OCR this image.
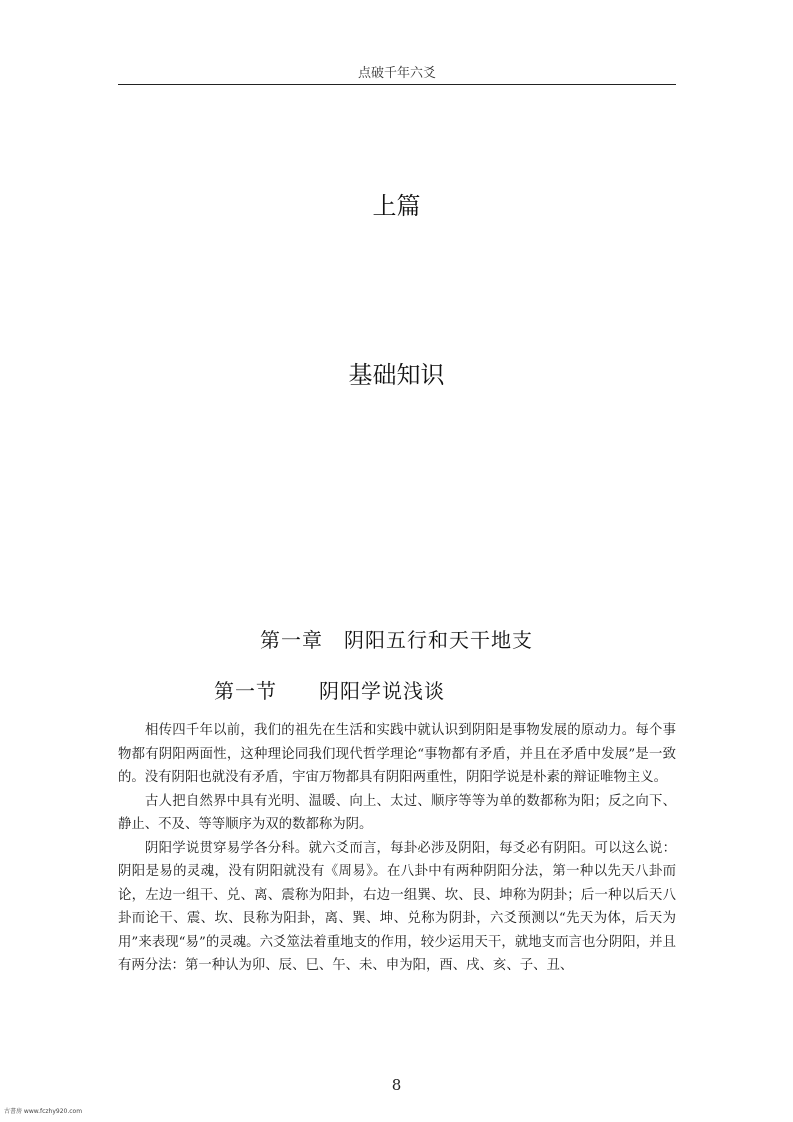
点破千年六爻
上篇
基础知识
第一章　阴阳五行和天干地支
第一节　　阴阳学说浅谈

相传四千年以前，我们的祖先在生活和实践中就认识到阴阳是事物发展的原动力。每个事物都有阴阳两面性，这种理论同我们现代哲学理论“事物都有矛盾，并且在矛盾中发展”是一致的。没有阴阳也就没有矛盾，宇宙万物都具有阴阳两重性，阴阳学说是朴素的辩证唯物主义。

古人把自然界中具有光明、温暖、向上、太过、顺序等等为单的数都称为阳；反之向下、静止、不及、等等顺序为双的数都称为阴。

阴阳学说贯穿易学各分科。就六爻而言，每卦必涉及阴阳，每爻必有阴阳。可以这么说：阴阳是易的灵魂，没有阴阳就没有《周易》。在八卦中有两种阴阳分法，第一种以先天八卦而论，左边一组干、兑、离、震称为阳卦，右边一组巽、坎、艮、坤称为阴卦；后一种以后天八卦而论干、震、坎、艮称为阳卦，离、巽、坤、兑称为阴卦，六爻预测以“先天为体，后天为用”来表现“易”的灵魂。六爻筮法着重地支的作用，较少运用天干，就地支而言也分阴阳，并且有两分法：第一种认为卯、辰、巳、午、未、申为阳，酉、戌、亥、子、丑、

8
古書房 www.fczhy920.com
